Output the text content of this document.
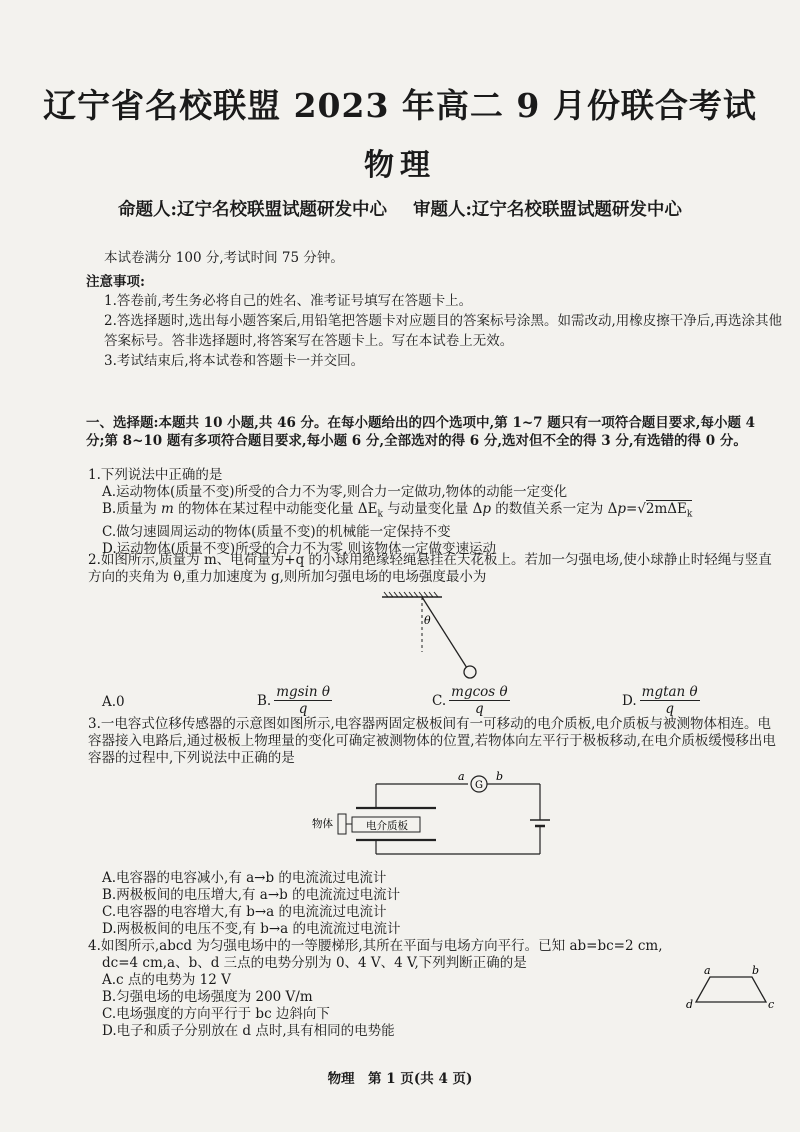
辽宁省名校联盟 2023 年高二 9 月份联合考试
物理
命题人:辽宁名校联盟试题研发中心 审题人:辽宁名校联盟试题研发中心
本试卷满分 100 分,考试时间 75 分钟。
注意事项:
1.答卷前,考生务必将自己的姓名、准考证号填写在答题卡上。
2.答选择题时,选出每小题答案后,用铅笔把答题卡对应题目的答案标号涂黑。如需改动,用橡皮擦干净后,再选涂其他答案标号。答非选择题时,将答案写在答题卡上。写在本试卷上无效。
3.考试结束后,将本试卷和答题卡一并交回。
一、选择题:本题共 10 小题,共 46 分。在每小题给出的四个选项中,第 1~7 题只有一项符合题目要求,每小题 4 分;第 8~10 题有多项符合题目要求,每小题 6 分,全部选对的得 6 分,选对但不全的得 3 分,有选错的得 0 分。
1.下列说法中正确的是
A.运动物体(质量不变)所受的合力不为零,则合力一定做功,物体的动能一定变化
B.质量为 m 的物体在某过程中动能变化量 $\Delta E_k$ 与动量变化量 Δp 的数值关系一定为 Δp=√2mΔE$_k$
C.做匀速圆周运动的物体(质量不变)的机械能一定保持不变
D.运动物体(质量不变)所受的合力不为零,则该物体一定做变速运动
2.如图所示,质量为 m、电荷量为+q 的小球用绝缘轻绳悬挂在天花板上。若加一匀强电场,使小球静止时轻绳与竖直方向的夹角为 θ,重力加速度为 g,则所加匀强电场的电场强度最小为
θ
A.0	B. $\frac{\text{mgsin θ}}{q}$	C. $\frac{\text{mgcos θ}}{q}$	D. $\frac{\text{mgtan θ}}{q}$
3.一电容式位移传感器的示意图如图所示,电容器两固定极板间有一可移动的电介质板,电介质板与被测物体相连。电容器接入电路后,通过极板上物理量的变化可确定被测物体的位置,若物体向左平行于极板移动,在电介质板缓慢移出电容器的过程中,下列说法中正确的是
G
电介质板
物体
a	b
A.电容器的电容减小,有 a→b 的电流流过电流计
B.两极板间的电压增大,有 a→b 的电流流过电流计
C.电容器的电容增大,有 b→a 的电流流过电流计
D.两极板间的电压不变,有 b→a 的电流流过电流计
4.如图所示,abcd 为匀强电场中的一等腰梯形,其所在平面与电场方向平行。已知 ab=bc=2 cm,
dc=4 cm,a、b、d 三点的电势分别为 0、4 V、4 V,下列判断正确的是
A.c 点的电势为 12 V
B.匀强电场的电场强度为 200 V/m
C.电场强度的方向平行于 bc 边斜向下
D.电子和质子分别放在 d 点时,具有相同的电势能
a	b
c
d
物理　第 1 页(共 4 页)
